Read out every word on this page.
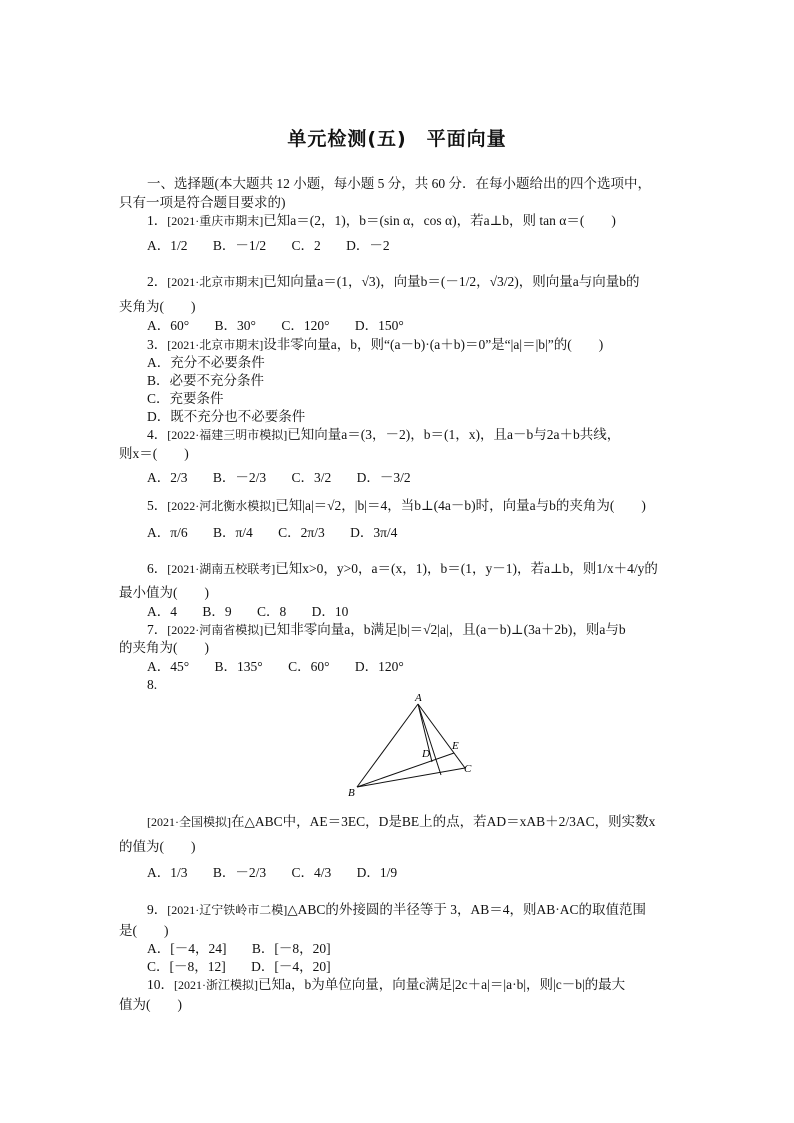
单元检测(五)　平面向量
一、选择题(本大题共 12 小题，每小题 5 分，共 60 分．在每小题给出的四个选项中，
只有一项是符合题目要求的)
1．[2021·重庆市期末]已知a＝(2，1)，b＝(sin α，cos α)，若a⊥b，则 tan α＝(　　)
A．1/2 B．－1/2 C．2 D．－2
2．[2021·北京市期末]已知向量a＝(1，√3)，向量b＝(－1/2，√3/2)，则向量a与向量b的
夹角为(　　)
A．60° B．30° C．120° D．150°
3．[2021·北京市期末]设非零向量a，b，则“(a－b)·(a＋b)＝0”是“|a|＝|b|”的(　　)
A．充分不必要条件
B．必要不充分条件
C．充要条件
D．既不充分也不必要条件
4．[2022·福建三明市模拟]已知向量a＝(3，－2)，b＝(1，x)，且a－b与2a＋b共线，
则x＝(　　)
A．2/3 B．－2/3 C．3/2 D．－3/2
5．[2022·河北衡水模拟]已知|a|＝√2，|b|＝4，当b⊥(4a－b)时，向量a与b的夹角为(　　)
A．π/6 B．π/4 C．2π/3 D．3π/4
6．[2021·湖南五校联考]已知x>0，y>0，a＝(x，1)，b＝(1，y－1)，若a⊥b，则1/x＋4/y的
最小值为(　　)
A．4 B．9 C．8 D．10
7．[2022·河南省模拟]已知非零向量a，b满足|b|＝√2|a|，且(a－b)⊥(3a＋2b)，则a与b
的夹角为(　　)
A．45° B．135° C．60° D．120°
8.
A
D
E
C
B
[2021·全国模拟]在△ABC中，AE＝3EC，D是BE上的点，若AD＝xAB＋2/3AC，则实数x
的值为(　　)
A．1/3 B．－2/3 C．4/3 D．1/9
9．[2021·辽宁铁岭市二模]△ABC的外接圆的半径等于 3，AB＝4，则AB·AC的取值范围
是(　　)
A．[－4，24] B．[－8，20]
C．[－8，12] D．[－4，20]
10．[2021·浙江模拟]已知a，b为单位向量，向量c满足|2c＋a|＝|a·b|，则|c－b|的最大
值为(　　)
